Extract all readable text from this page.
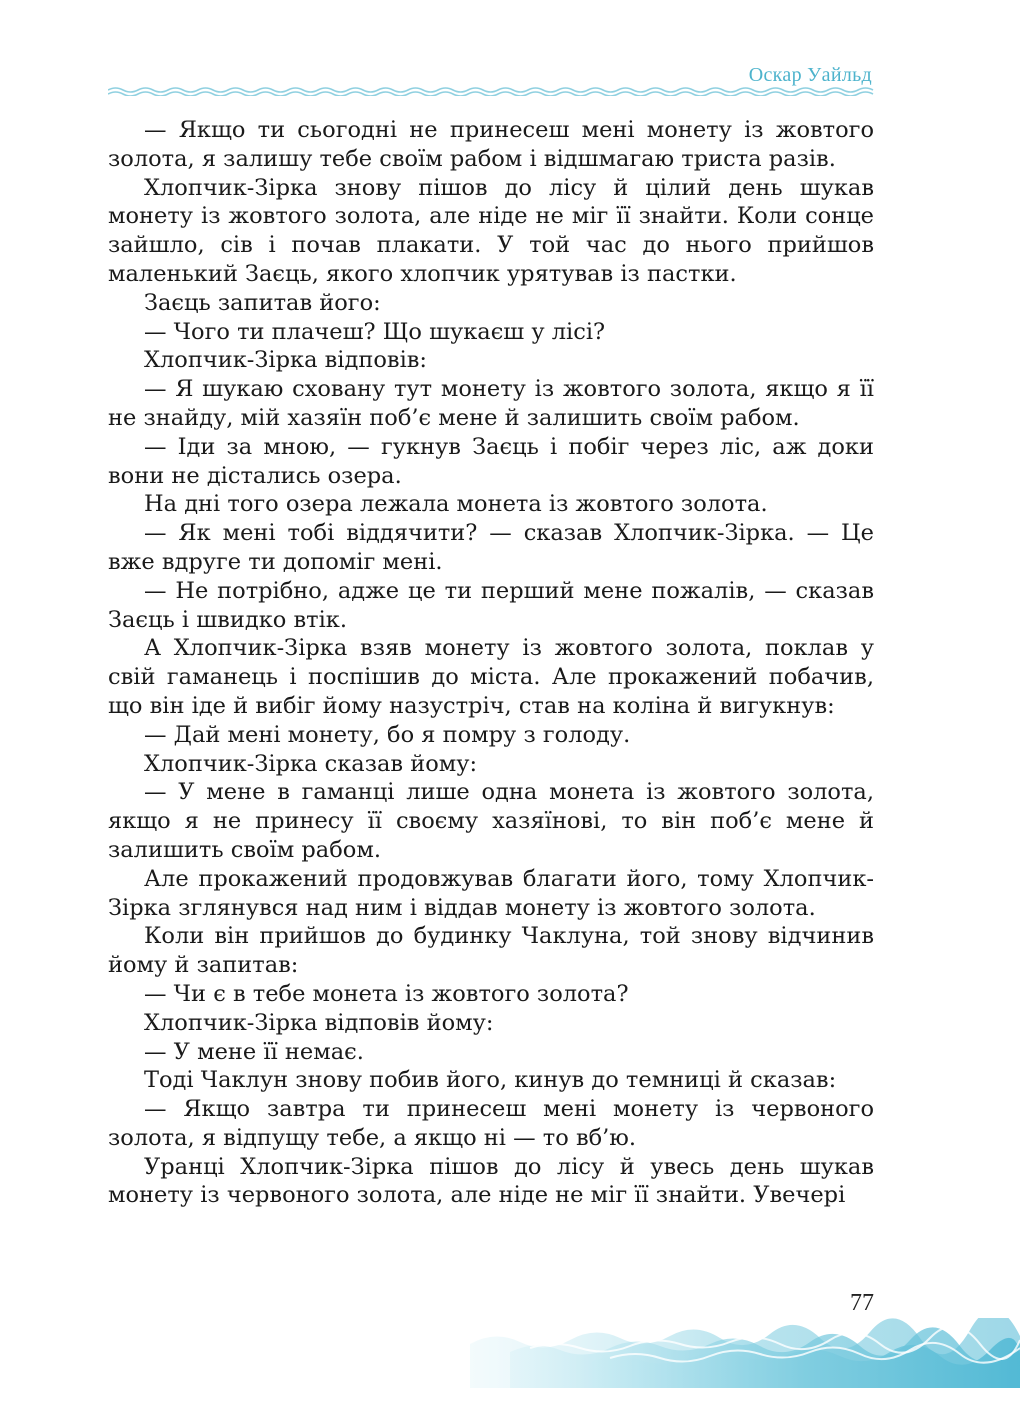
Оскар Уайльд

— Якщо ти сьогодні не принесеш мені монету із жовтого золота, я залишу тебе своїм рабом і відшмагаю триста разів.

Хлопчик-Зірка знову пішов до лісу й цілий день шукав монету із жовтого золота, але ніде не міг її знайти. Коли сонце зайшло, сів і почав плакати. У той час до нього прийшов маленький Заєць, якого хлопчик урятував із пастки.

Заєць запитав його:

— Чого ти плачеш? Що шукаєш у лісі?

Хлопчик-Зірка відповів:

— Я шукаю сховану тут монету із жовтого золота, якщо я її не знайду, мій хазяїн поб’є мене й залишить своїм рабом.

— Іди за мною, — гукнув Заєць і побіг через ліс, аж доки вони не дістались озера.

На дні того озера лежала монета із жовтого золота.

— Як мені тобі віддячити? — сказав Хлопчик-Зірка. — Це вже вдруге ти допоміг мені.

— Не потрібно, адже це ти перший мене пожалів, — сказав Заєць і швидко втік.

А Хлопчик-Зірка взяв монету із жовтого золота, поклав у свій гаманець і поспішив до міста. Але прокажений побачив, що він іде й вибіг йому назустріч, став на коліна й вигукнув:

— Дай мені монету, бо я помру з голоду.

Хлопчик-Зірка сказав йому:

— У мене в гаманці лише одна монета із жовтого золота, якщо я не принесу її своєму хазяїнові, то він поб’є мене й залишить своїм рабом.

Але прокажений продовжував благати його, тому Хлопчик-Зірка зглянувся над ним і віддав монету із жовтого золота.

Коли він прийшов до будинку Чаклуна, той знову відчинив йому й запитав:

— Чи є в тебе монета із жовтого золота?

Хлопчик-Зірка відповів йому:

— У мене її немає.

Тоді Чаклун знову побив його, кинув до темниці й сказав:

— Якщо завтра ти принесеш мені монету із червоного золота, я відпущу тебе, а якщо ні — то вб’ю.

Уранці Хлопчик-Зірка пішов до лісу й увесь день шукав монету із червоного золота, але ніде не міг її знайти. Увечері

77
